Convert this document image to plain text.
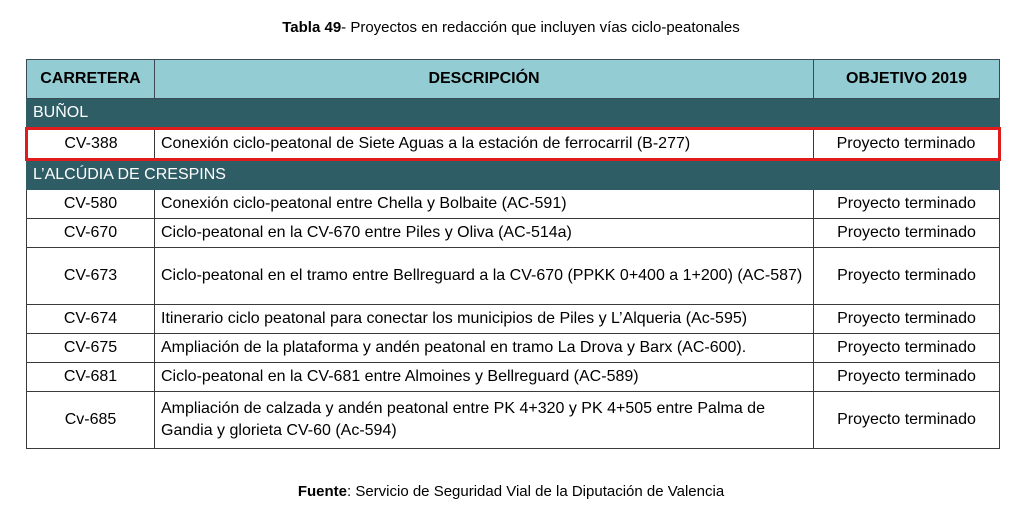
Tabla 49- Proyectos en redacción que incluyen vías ciclo-peatonales
CARRETERA	DESCRIPCIÓN	OBJETIVO 2019
BUÑOL		
CV-388	Conexión ciclo-peatonal de Siete Aguas a la estación de ferrocarril (B-277)	Proyecto terminado
L’ALCÚDIA DE CRESPINS		
CV-580	Conexión ciclo-peatonal entre Chella y Bolbaite (AC-591)	Proyecto terminado
CV-670	Ciclo-peatonal en la CV-670 entre Piles y Oliva (AC-514a)	Proyecto terminado
CV-673	Ciclo-peatonal en el tramo entre Bellreguard a la CV-670 (PPKK 0+400 a 1+200) (AC-587)	Proyecto terminado
CV-674	Itinerario ciclo peatonal para conectar los municipios de Piles y L’Alqueria (Ac-595)	Proyecto terminado
CV-675	Ampliación de la plataforma y andén peatonal en tramo La Drova y Barx (AC-600).	Proyecto terminado
CV-681	Ciclo-peatonal en la CV-681 entre Almoines y Bellreguard (AC-589)	Proyecto terminado
Cv-685	Ampliación de calzada y andén peatonal entre PK 4+320 y PK 4+505 entre Palma de Gandia y glorieta CV-60 (Ac-594)	Proyecto terminado
Fuente: Servicio de Seguridad Vial de la Diputación de Valencia
